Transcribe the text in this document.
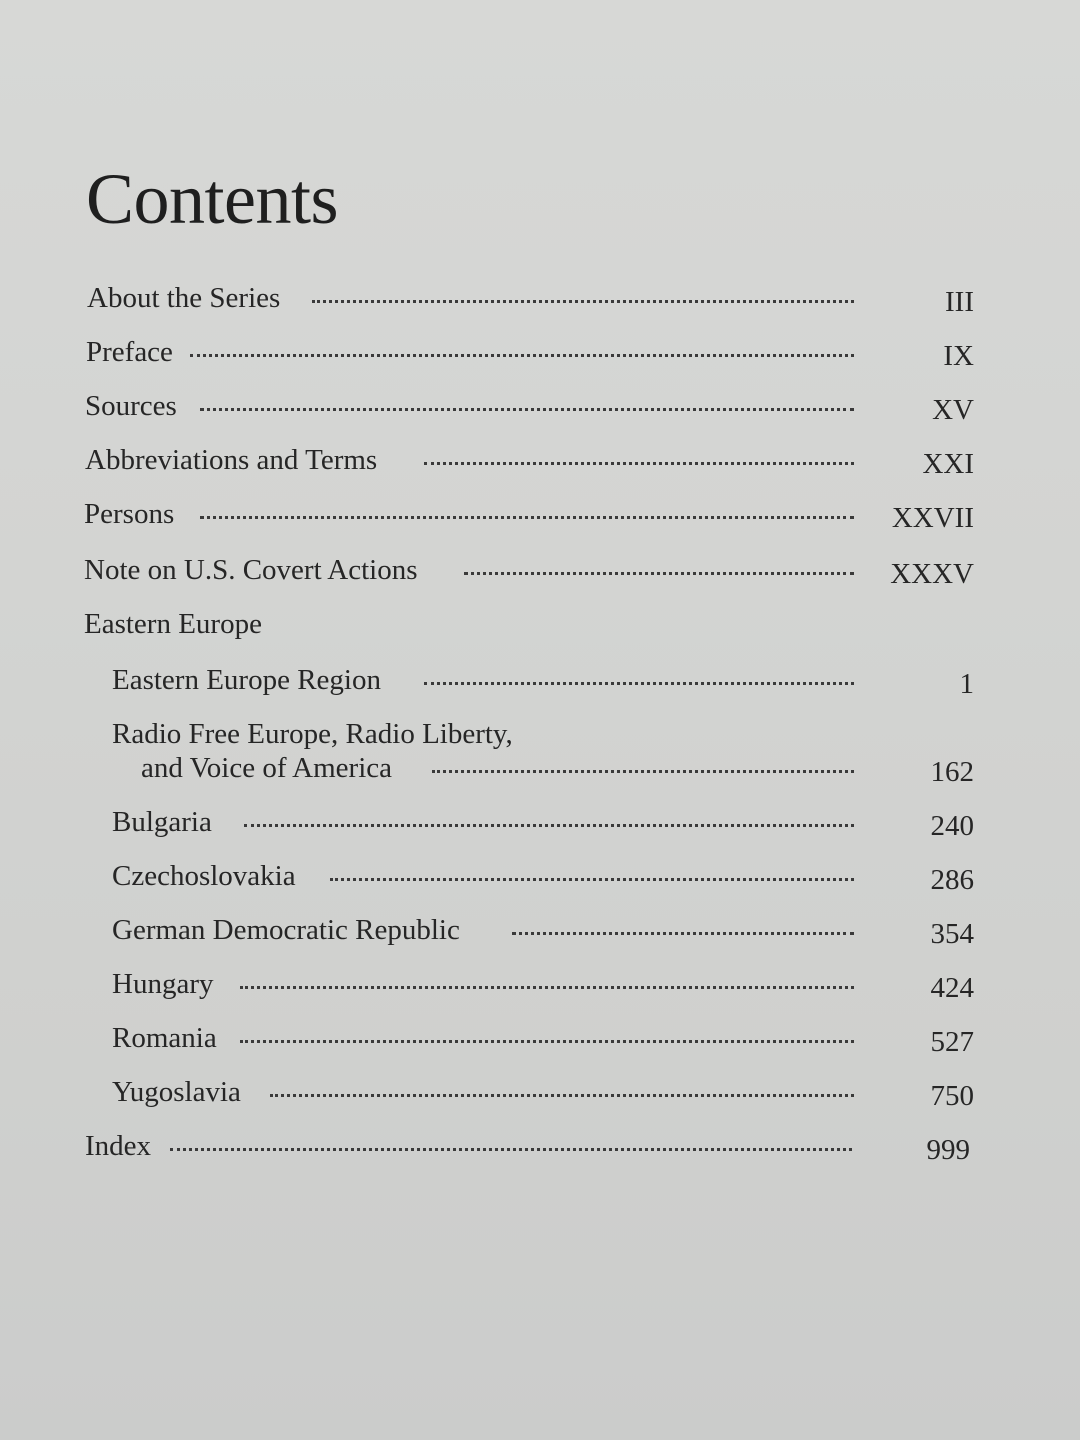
Contents
About the Series	III
Preface	IX
Sources	XV
Abbreviations and Terms	XXI
Persons	XXVII
Note on U.S. Covert Actions	XXXV
Eastern Europe
Eastern Europe Region	1
Radio Free Europe, Radio Liberty,
and Voice of America	162
Bulgaria	240
Czechoslovakia	286
German Democratic Republic	354
Hungary	424
Romania	527
Yugoslavia	750
Index	999
